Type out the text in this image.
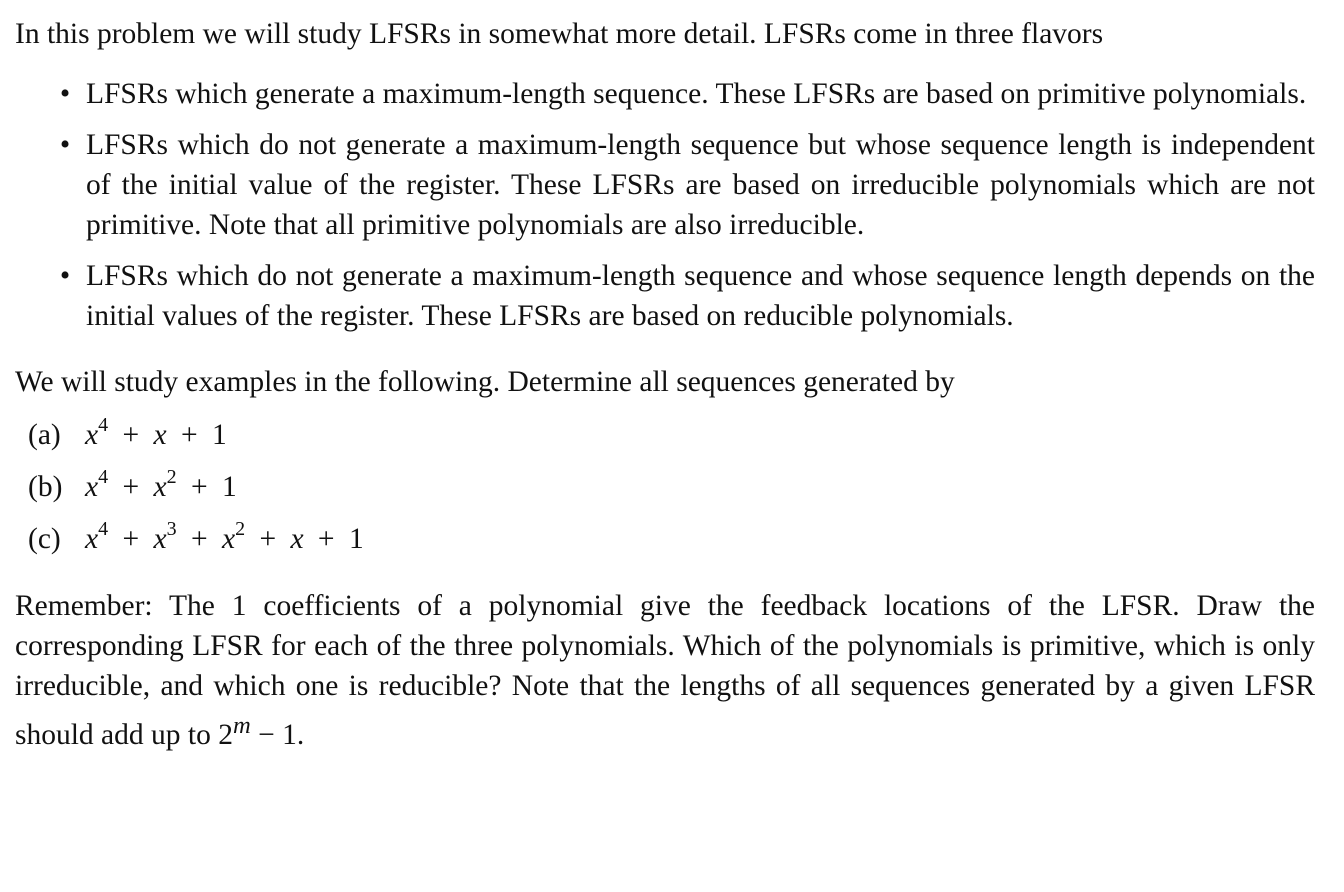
In this problem we will study LFSRs in somewhat more detail. LFSRs come in three flavors

• LFSRs which generate a maximum-length sequence. These LFSRs are based on primitive polynomials.
• LFSRs which do not generate a maximum-length sequence but whose sequence length is independent of the initial value of the register. These LFSRs are based on irreducible polynomials which are not primitive. Note that all primitive polynomials are also irreducible.
• LFSRs which do not generate a maximum-length sequence and whose sequence length depends on the initial values of the register. These LFSRs are based on reducible polynomials.

We will study examples in the following. Determine all sequences generated by

(a) $x^4 + x + 1$
(b) $x^4 + x^2 + 1$
(c) $x^4 + x^3 + x^2 + x + 1$

Remember: The 1 coefficients of a polynomial give the feedback locations of the LFSR. Draw the corresponding LFSR for each of the three polynomials. Which of the polynomials is primitive, which is only irreducible, and which one is reducible? Note that the lengths of all sequences generated by a given LFSR should add up to $2^m - 1$.
